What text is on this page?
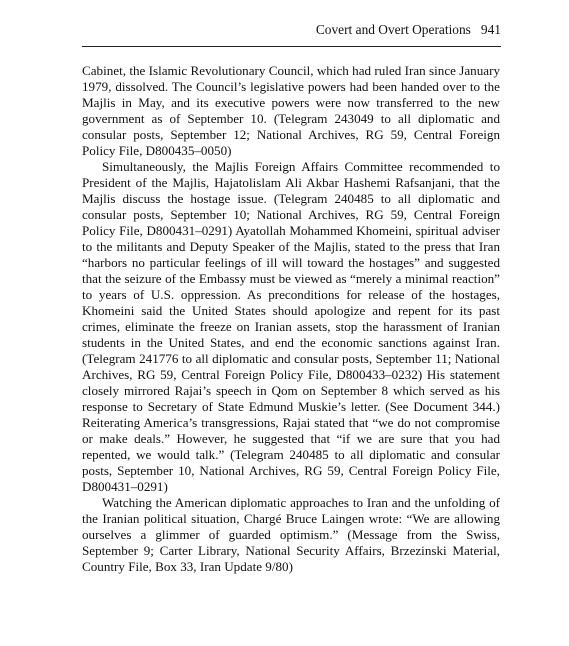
Covert and Overt Operations 941

Cabinet, the Islamic Revolutionary Council, which had ruled Iran since January 1979, dissolved. The Council’s legislative powers had been handed over to the Majlis in May, and its executive powers were now transferred to the new government as of September 10. (Telegram 243049 to all diplomatic and consular posts, September 12; National Archives, RG 59, Central Foreign Policy File, D800435–0050)

Simultaneously, the Majlis Foreign Affairs Committee recommended to President of the Majlis, Hajatolislam Ali Akbar Hashemi Rafsanjani, that the Majlis discuss the hostage issue. (Telegram 240485 to all diplomatic and consular posts, September 10; National Archives, RG 59, Central Foreign Policy File, D800431–0291) Ayatollah Mohammed Khomeini, spiritual adviser to the militants and Deputy Speaker of the Majlis, stated to the press that Iran “harbors no particular feelings of ill will toward the hostages” and suggested that the seizure of the Embassy must be viewed as “merely a minimal reaction” to years of U.S. oppression. As preconditions for release of the hostages, Khomeini said the United States should apologize and repent for its past crimes, eliminate the freeze on Iranian assets, stop the harassment of Iranian students in the United States, and end the economic sanctions against Iran. (Telegram 241776 to all diplomatic and consular posts, September 11; National Archives, RG 59, Central Foreign Policy File, D800433–0232) His statement closely mirrored Rajai’s speech in Qom on September 8 which served as his response to Secretary of State Edmund Muskie’s letter. (See Document 344.) Reiterating America’s transgressions, Rajai stated that “we do not compromise or make deals.” However, he suggested that “if we are sure that you had repented, we would talk.” (Telegram 240485 to all diplomatic and consular posts, September 10, National Archives, RG 59, Central Foreign Policy File, D800431–0291)

Watching the American diplomatic approaches to Iran and the unfolding of the Iranian political situation, Chargé Bruce Laingen wrote: “We are allowing ourselves a glimmer of guarded optimism.” (Message from the Swiss, September 9; Carter Library, National Security Affairs, Brzezinski Material, Country File, Box 33, Iran Update 9/80)
